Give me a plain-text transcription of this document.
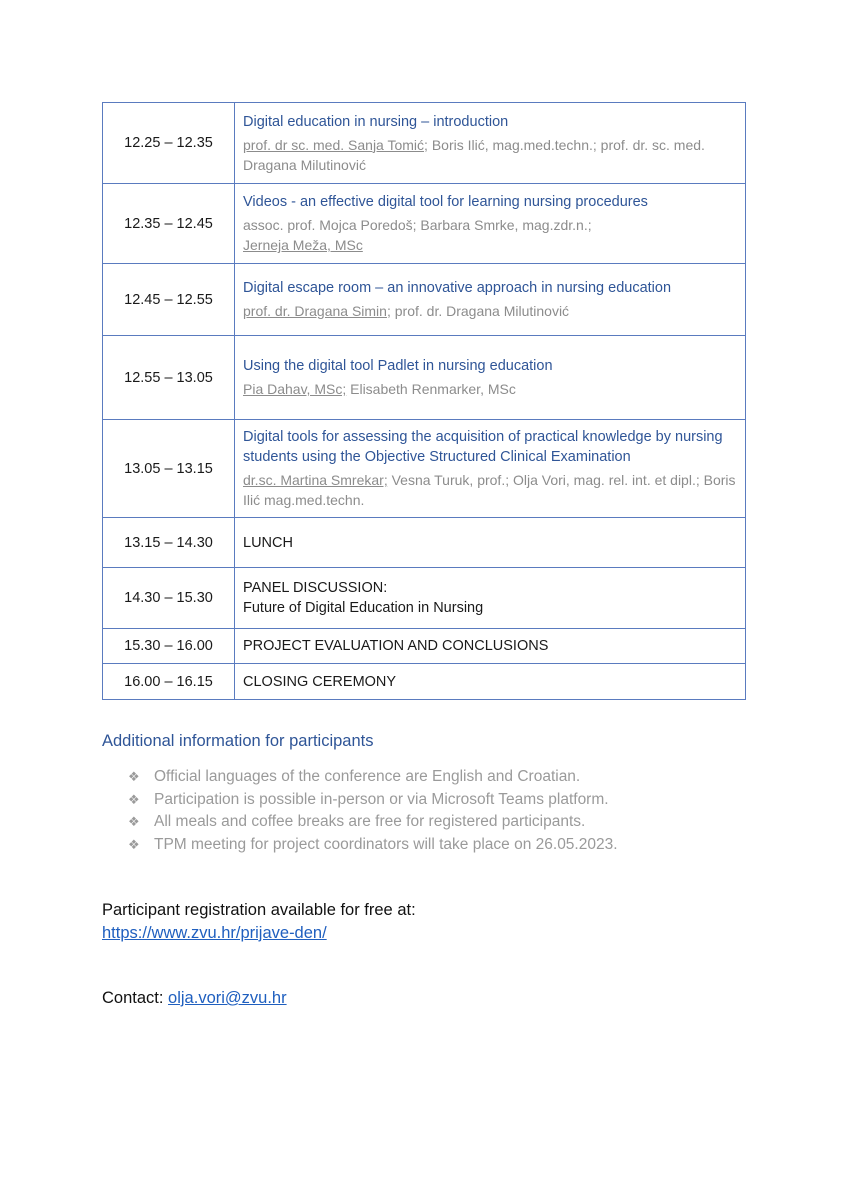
12.25 – 12.35	Digital education in nursing – introduction
prof. dr sc. med. Sanja Tomić; Boris Ilić, mag.med.techn.; prof. dr. sc. med. Dragana Milutinović

12.35 – 12.45	Videos - an effective digital tool for learning nursing procedures
assoc. prof. Mojca Poredoš; Barbara Smrke, mag.zdr.n.;
Jerneja Meža, MSc

12.45 – 12.55	Digital escape room – an innovative approach in nursing education
prof. dr. Dragana Simin; prof. dr. Dragana Milutinović

12.55 – 13.05	Using the digital tool Padlet in nursing education
Pia Dahav, MSc; Elisabeth Renmarker, MSc

13.05 – 13.15	Digital tools for assessing the acquisition of practical knowledge by nursing students using the Objective Structured Clinical Examination
dr.sc. Martina Smrekar; Vesna Turuk, prof.; Olja Vori, mag. rel. int. et dipl.; Boris Ilić mag.med.techn.

13.15 – 14.30	LUNCH

14.30 – 15.30	PANEL DISCUSSION:
Future of Digital Education in Nursing

15.30 – 16.00	PROJECT EVALUATION AND CONCLUSIONS

16.00 – 16.15	CLOSING CEREMONY
Additional information for participants
❖ Official languages of the conference are English and Croatian.
❖ Participation is possible in-person or via Microsoft Teams platform.
❖ All meals and coffee breaks are free for registered participants.
❖ TPM meeting for project coordinators will take place on 26.05.2023.
Participant registration available for free at:
https://www.zvu.hr/prijave-den/
Contact: olja.vori@zvu.hr
